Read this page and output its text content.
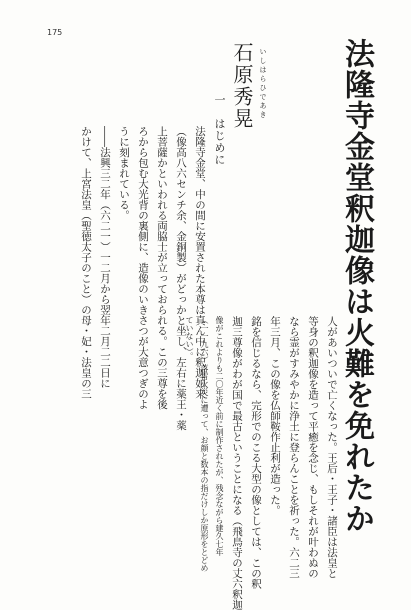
175
法隆寺金堂釈迦像は火難を免れたか
いしはらひであき
石原秀晃
一　はじめに
法隆寺金堂、中の間に安置された本尊は真ん中に釈迦如来
（像高八六センチ余、金銅製）がどっかと坐し、左右に薬王・薬
上菩薩かといわれる両脇士が立っておられる。この三尊を後
ろから包む大光背の裏側に、造像のいきさつが大意つぎのよ
うに刻まれている。
――法興三二年（六二一）一二月から翌年二月二二日に
かけて、上宮法皇（聖徳太子のこと）の母・妃・法皇の三
人があいついで亡くなった。王后・王子・諸臣は法皇と
等身の釈迦像を造って平癒を念じ、もしそれが叶わぬの
なら霊がすみやかに浄土に登らんことを祈った。六二三
年三月、この像を仏師鞍作止利が造った。
銘を信じるなら、完形でのこる大型の像としては、この釈
迦三尊像がわが国で最古ということになる（飛鳥寺の丈六釈迦
像がこれよりも二〇年近く前に制作されたが、残念ながら建久七年
（一一九六）落雷火災に遭って、お顔と数本の指だけしか原形をとどめ
ていない）。
